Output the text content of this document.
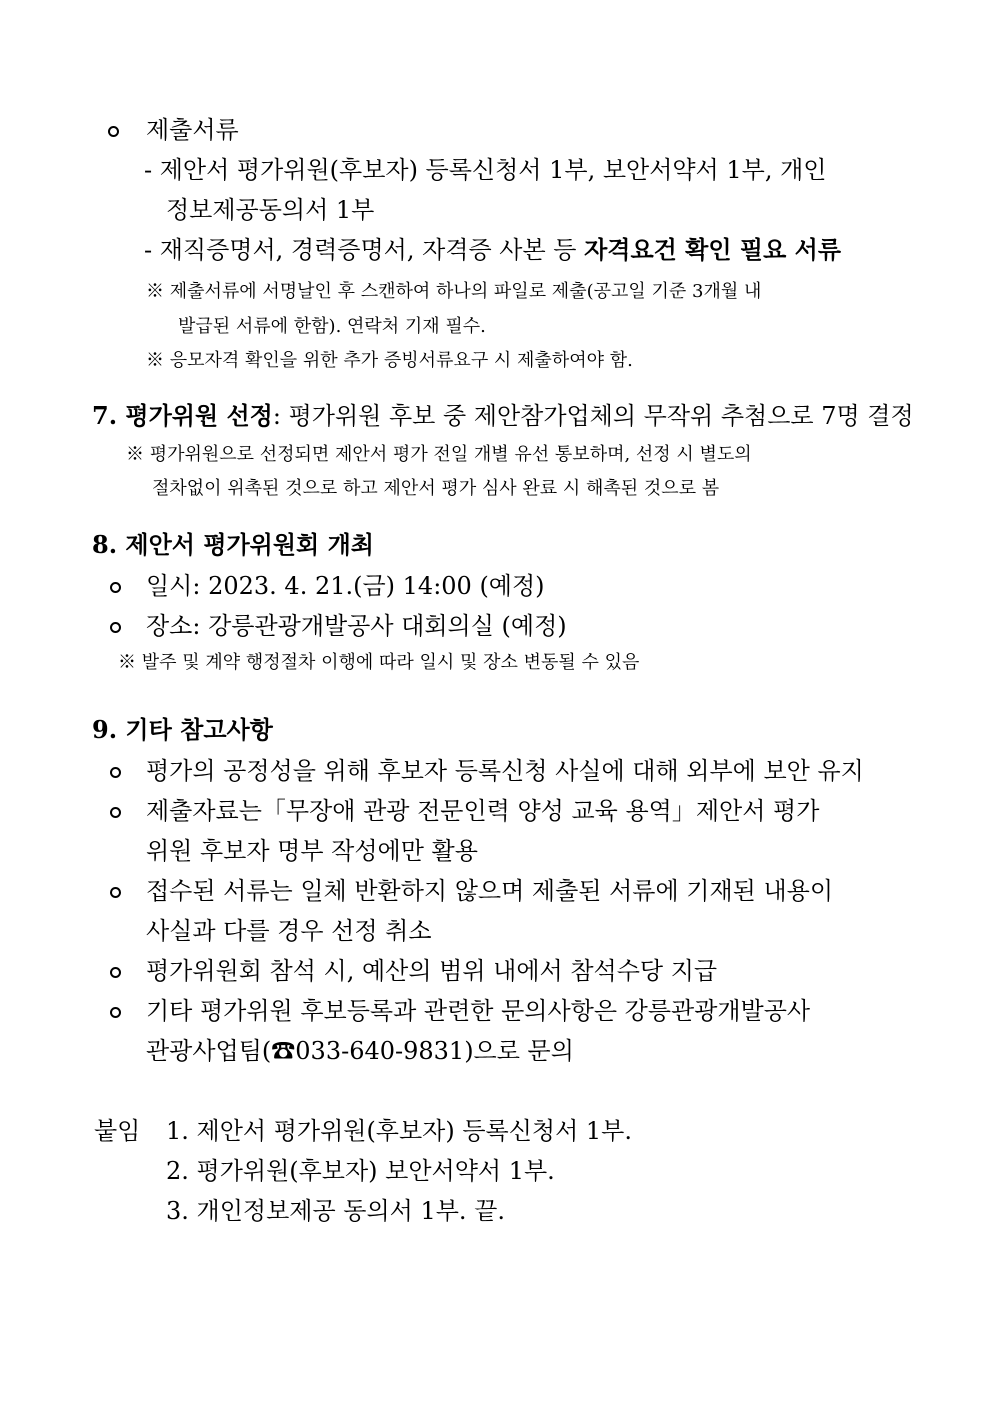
제출서류
- 제안서 평가위원(후보자) 등록신청서 1부, 보안서약서 1부, 개인
정보제공동의서 1부
- 재직증명서, 경력증명서, 자격증 사본 등 자격요건 확인 필요 서류
※ 제출서류에 서명날인 후 스캔하여 하나의 파일로 제출(공고일 기준 3개월 내
발급된 서류에 한함). 연락처 기재 필수.
※ 응모자격 확인을 위한 추가 증빙서류요구 시 제출하여야 함.
7. 평가위원 선정: 평가위원 후보 중 제안참가업체의 무작위 추첨으로 7명 결정
※ 평가위원으로 선정되면 제안서 평가 전일 개별 유선 통보하며, 선정 시 별도의
절차없이 위촉된 것으로 하고 제안서 평가 심사 완료 시 해촉된 것으로 봄
8. 제안서 평가위원회 개최
일시: 2023. 4. 21.(금) 14:00 (예정)
장소: 강릉관광개발공사 대회의실 (예정)
※ 발주 및 계약 행정절차 이행에 따라 일시 및 장소 변동될 수 있음
9. 기타 참고사항
평가의 공정성을 위해 후보자 등록신청 사실에 대해 외부에 보안 유지
제출자료는「무장애 관광 전문인력 양성 교육 용역」제안서 평가
위원 후보자 명부 작성에만 활용
접수된 서류는 일체 반환하지 않으며 제출된 서류에 기재된 내용이
사실과 다를 경우 선정 취소
평가위원회 참석 시, 예산의 범위 내에서 참석수당 지급
기타 평가위원 후보등록과 관련한 문의사항은 강릉관광개발공사
관광사업팀(☎033-640-9831)으로 문의
붙임 1. 제안서 평가위원(후보자) 등록신청서 1부.
2. 평가위원(후보자) 보안서약서 1부.
3. 개인정보제공 동의서 1부. 끝.
